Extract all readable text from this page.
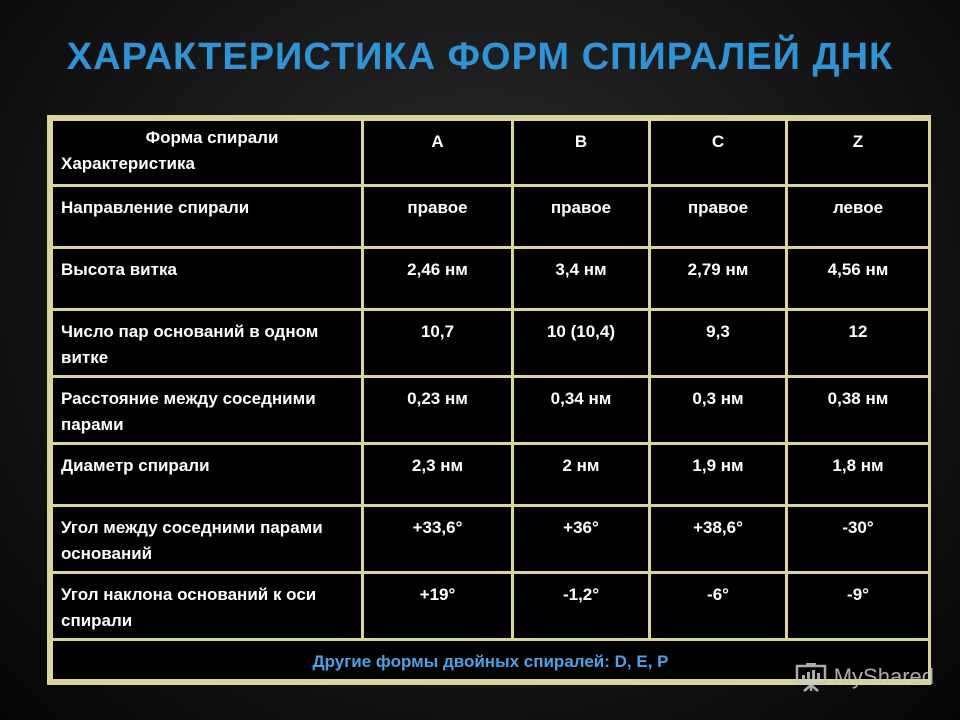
ХАРАКТЕРИСТИКА ФОРМ СПИРАЛЕЙ ДНК
Форма спирали
Характеристика	A	B	C	Z
Направление спирали	правое	правое	правое	левое
Высота витка	2,46 нм	3,4 нм	2,79 нм	4,56 нм
Число пар оснований в одном витке	10,7	10 (10,4)	9,3	12
Расстояние между соседними парами	0,23 нм	0,34 нм	0,3 нм	0,38 нм
Диаметр спирали	2,3 нм	2 нм	1,9 нм	1,8 нм
Угол между соседними парами оснований	+33,6°	+36°	+38,6°	-30°
Угол наклона оснований к оси спирали	+19°	-1,2°	-6°	-9°
Другие формы двойных спиралей: D, E, P				
MyShared
